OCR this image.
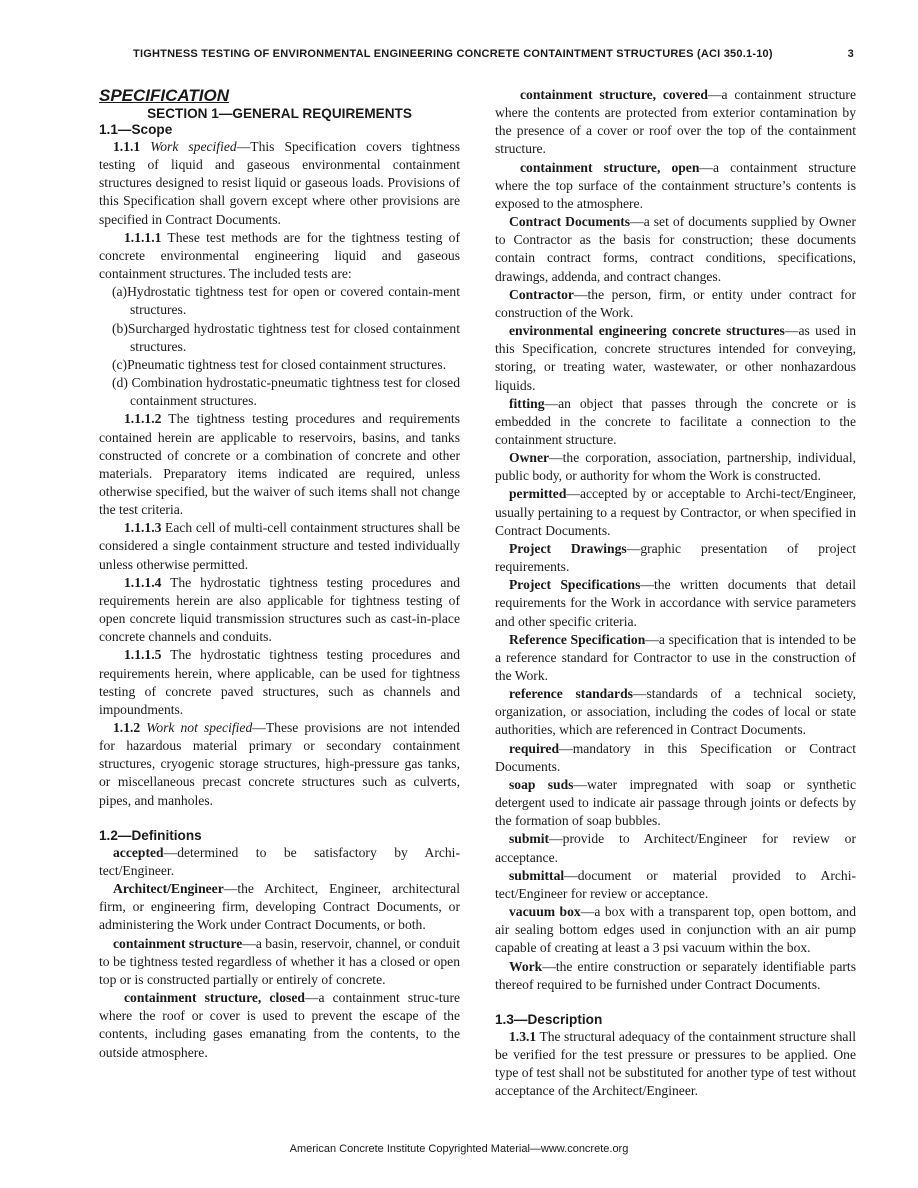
TIGHTNESS TESTING OF ENVIRONMENTAL ENGINEERING CONCRETE CONTAINTMENT STRUCTURES (ACI 350.1-10)	3

SPECIFICATION

SECTION 1—GENERAL REQUIREMENTS

1.1—Scope

1.1.1 Work specified—This Specification covers tightness testing of liquid and gaseous environmental containment structures designed to resist liquid or gaseous loads. Provisions of this Specification shall govern except where other provisions are specified in Contract Documents.

1.1.1.1 These test methods are for the tightness testing of concrete environmental engineering liquid and gaseous containment structures. The included tests are:

(a)Hydrostatic tightness test for open or covered contain-ment structures.

(b)Surcharged hydrostatic tightness test for closed containment structures.

(c)Pneumatic tightness test for closed containment structures.

(d) Combination hydrostatic-pneumatic tightness test for closed containment structures.

1.1.1.2 The tightness testing procedures and requirements contained herein are applicable to reservoirs, basins, and tanks constructed of concrete or a combination of concrete and other materials. Preparatory items indicated are required, unless otherwise specified, but the waiver of such items shall not change the test criteria.

1.1.1.3 Each cell of multi-cell containment structures shall be considered a single containment structure and tested individually unless otherwise permitted.

1.1.1.4 The hydrostatic tightness testing procedures and requirements herein are also applicable for tightness testing of open concrete liquid transmission structures such as cast-in-place concrete channels and conduits.

1.1.1.5 The hydrostatic tightness testing procedures and requirements herein, where applicable, can be used for tightness testing of concrete paved structures, such as channels and impoundments.

1.1.2 Work not specified—These provisions are not intended for hazardous material primary or secondary containment structures, cryogenic storage structures, high-pressure gas tanks, or miscellaneous precast concrete structures such as culverts, pipes, and manholes.

1.2—Definitions

accepted—determined to be satisfactory by Archi-tect/Engineer.

Architect/Engineer—the Architect, Engineer, architectural firm, or engineering firm, developing Contract Documents, or administering the Work under Contract Documents, or both.

containment structure—a basin, reservoir, channel, or conduit to be tightness tested regardless of whether it has a closed or open top or is constructed partially or entirely of concrete.

containment structure, closed—a containment struc-ture where the roof or cover is used to prevent the escape of the contents, including gases emanating from the contents, to the outside atmosphere.

containment structure, covered—a containment structure where the contents are protected from exterior contamination by the presence of a cover or roof over the top of the containment structure.

containment structure, open—a containment structure where the top surface of the containment structure’s contents is exposed to the atmosphere.

Contract Documents—a set of documents supplied by Owner to Contractor as the basis for construction; these documents contain contract forms, contract conditions, specifications, drawings, addenda, and contract changes.

Contractor—the person, firm, or entity under contract for construction of the Work.

environmental engineering concrete structures—as used in this Specification, concrete structures intended for conveying, storing, or treating water, wastewater, or other nonhazardous liquids.

fitting—an object that passes through the concrete or is embedded in the concrete to facilitate a connection to the containment structure.

Owner—the corporation, association, partnership, individual, public body, or authority for whom the Work is constructed.

permitted—accepted by or acceptable to Archi-tect/Engineer, usually pertaining to a request by Contractor, or when specified in Contract Documents.

Project Drawings—graphic presentation of project requirements.

Project Specifications—the written documents that detail requirements for the Work in accordance with service parameters and other specific criteria.

Reference Specification—a specification that is intended to be a reference standard for Contractor to use in the construction of the Work.

reference standards—standards of a technical society, organization, or association, including the codes of local or state authorities, which are referenced in Contract Documents.

required—mandatory in this Specification or Contract Documents.

soap suds—water impregnated with soap or synthetic detergent used to indicate air passage through joints or defects by the formation of soap bubbles.

submit—provide to Architect/Engineer for review or acceptance.

submittal—document or material provided to Archi-tect/Engineer for review or acceptance.

vacuum box—a box with a transparent top, open bottom, and air sealing bottom edges used in conjunction with an air pump capable of creating at least a 3 psi vacuum within the box.

Work—the entire construction or separately identifiable parts thereof required to be furnished under Contract Documents.

1.3—Description

1.3.1 The structural adequacy of the containment structure shall be verified for the test pressure or pressures to be applied. One type of test shall not be substituted for another type of test without acceptance of the Architect/Engineer.

American Concrete Institute Copyrighted Material—www.concrete.org
